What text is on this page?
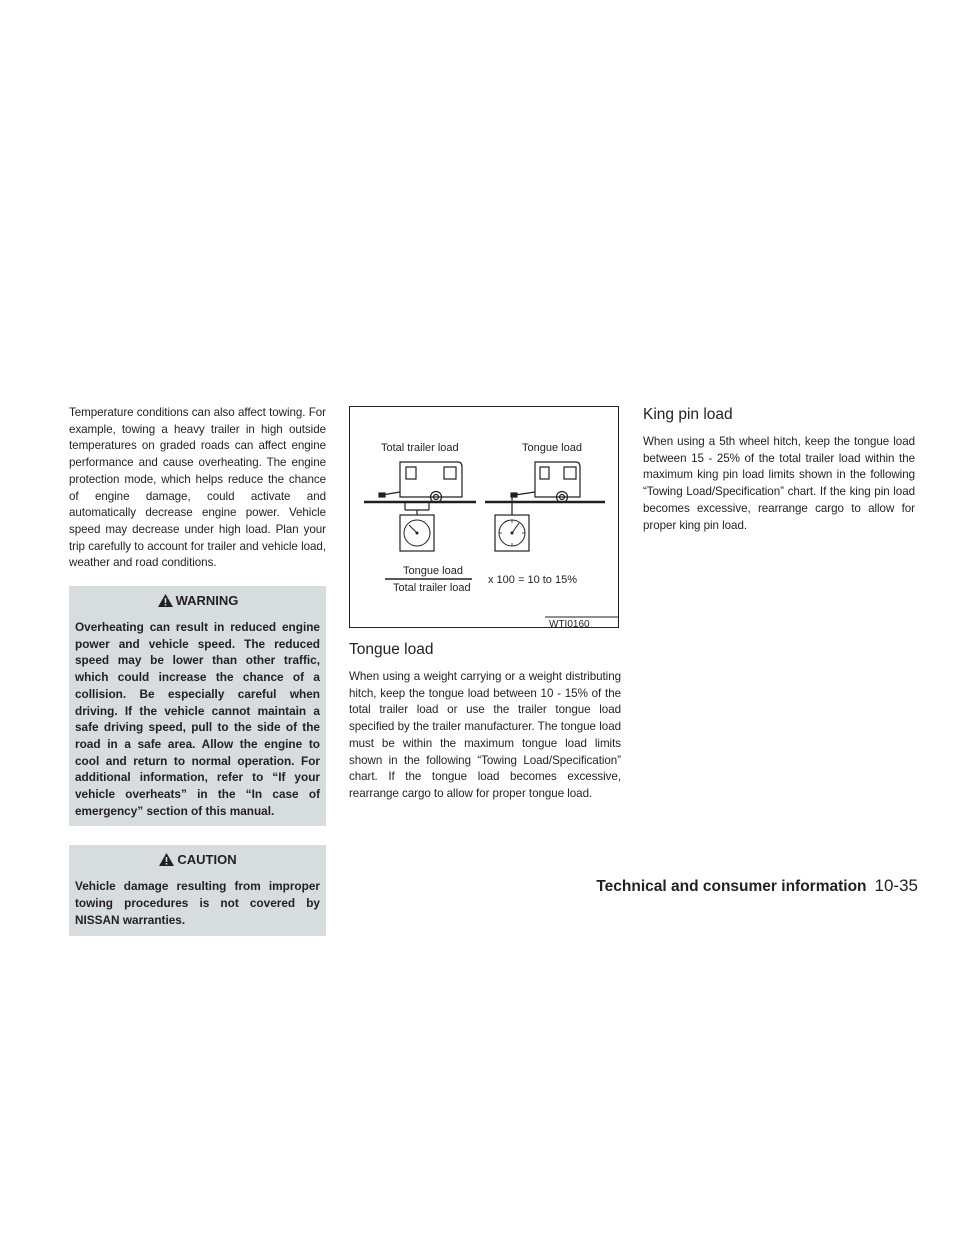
Temperature conditions can also affect towing. For example, towing a heavy trailer in high outside temperatures on graded roads can affect engine performance and cause overheating. The engine protection mode, which helps reduce the chance of engine damage, could activate and automatically decrease engine power. Vehicle speed may decrease under high load. Plan your trip carefully to account for trailer and vehicle load, weather and road conditions.

WARNING

Overheating can result in reduced engine power and vehicle speed. The reduced speed may be lower than other traffic, which could increase the chance of a collision. Be especially careful when driving. If the vehicle cannot maintain a safe driving speed, pull to the side of the road in a safe area. Allow the engine to cool and return to normal operation. For additional information, refer to “If your vehicle overheats” in the “In case of emergency” section of this manual.

CAUTION

Vehicle damage resulting from improper towing procedures is not covered by NISSAN warranties.

Total trailer load	Tongue load
Tongue load
Total trailer load
x 100 = 10 to 15%
WTI0160
Tongue load

When using a weight carrying or a weight distributing hitch, keep the tongue load between 10 - 15% of the total trailer load or use the trailer tongue load specified by the trailer manufacturer. The tongue load must be within the maximum tongue load limits shown in the following “Towing Load/Specification” chart. If the tongue load becomes excessive, rearrange cargo to allow for proper tongue load.

King pin load

When using a 5th wheel hitch, keep the tongue load between 15 - 25% of the total trailer load within the maximum king pin load limits shown in the following “Towing Load/Specification” chart. If the king pin load becomes excessive, rearrange cargo to allow for proper king pin load.

Technical and consumer information 10-35
